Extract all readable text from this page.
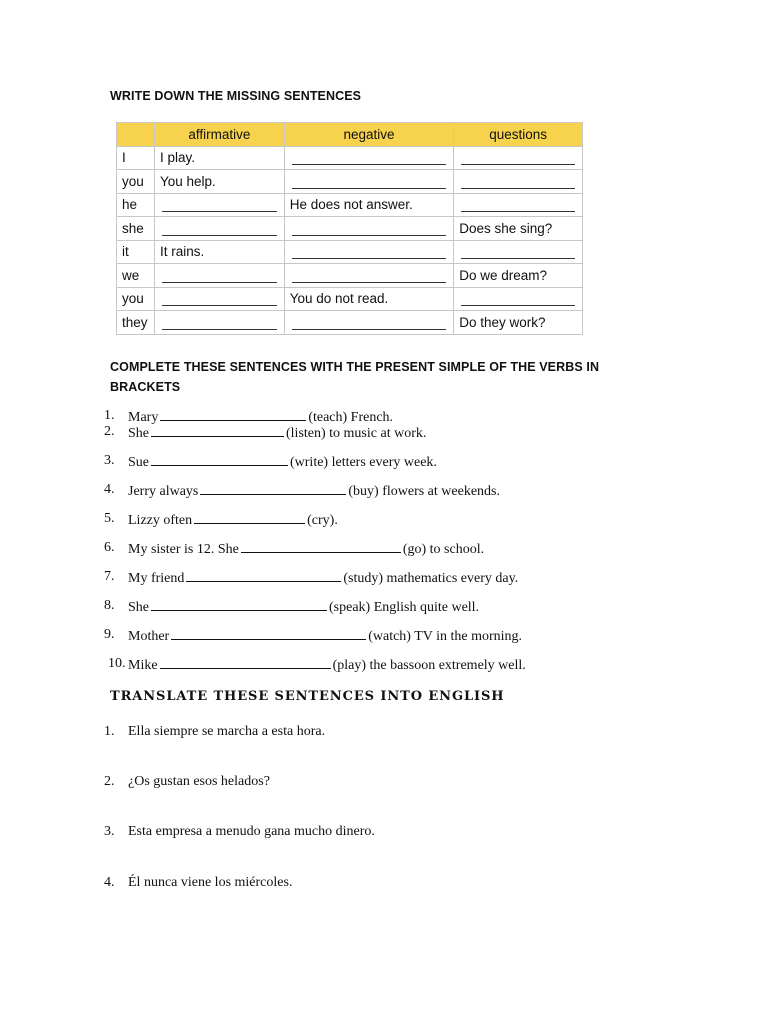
WRITE DOWN THE MISSING SENTENCES
	affirmative	negative	questions
I	I play.	

you	You help.	

he		He does not answer.	

she			Does she sing?
it	It rains.	

we			Do we dream?
you		You do not read.	

they			Do they work?
COMPLETE THESE SENTENCES WITH THE PRESENT SIMPLE OF THE VERBS IN BRACKETS
1. Mary	(teach) French.
2. She	(listen) to music at work.
3. Sue	(write) letters every week.
4. Jerry always	(buy) flowers at weekends.
5. Lizzy often	(cry).
6. My sister is 12. She	(go) to school.
7. My friend	(study) mathematics every day.
8. She	(speak) English quite well.
9. Mother	(watch) TV in the morning.
10. Mike	(play) the bassoon extremely well.
TRANSLATE THESE SENTENCES INTO ENGLISH
1. Ella siempre se marcha a esta hora.
2. ¿Os gustan esos helados?
3. Esta empresa a menudo gana mucho dinero.
4. Él nunca viene los miércoles.
